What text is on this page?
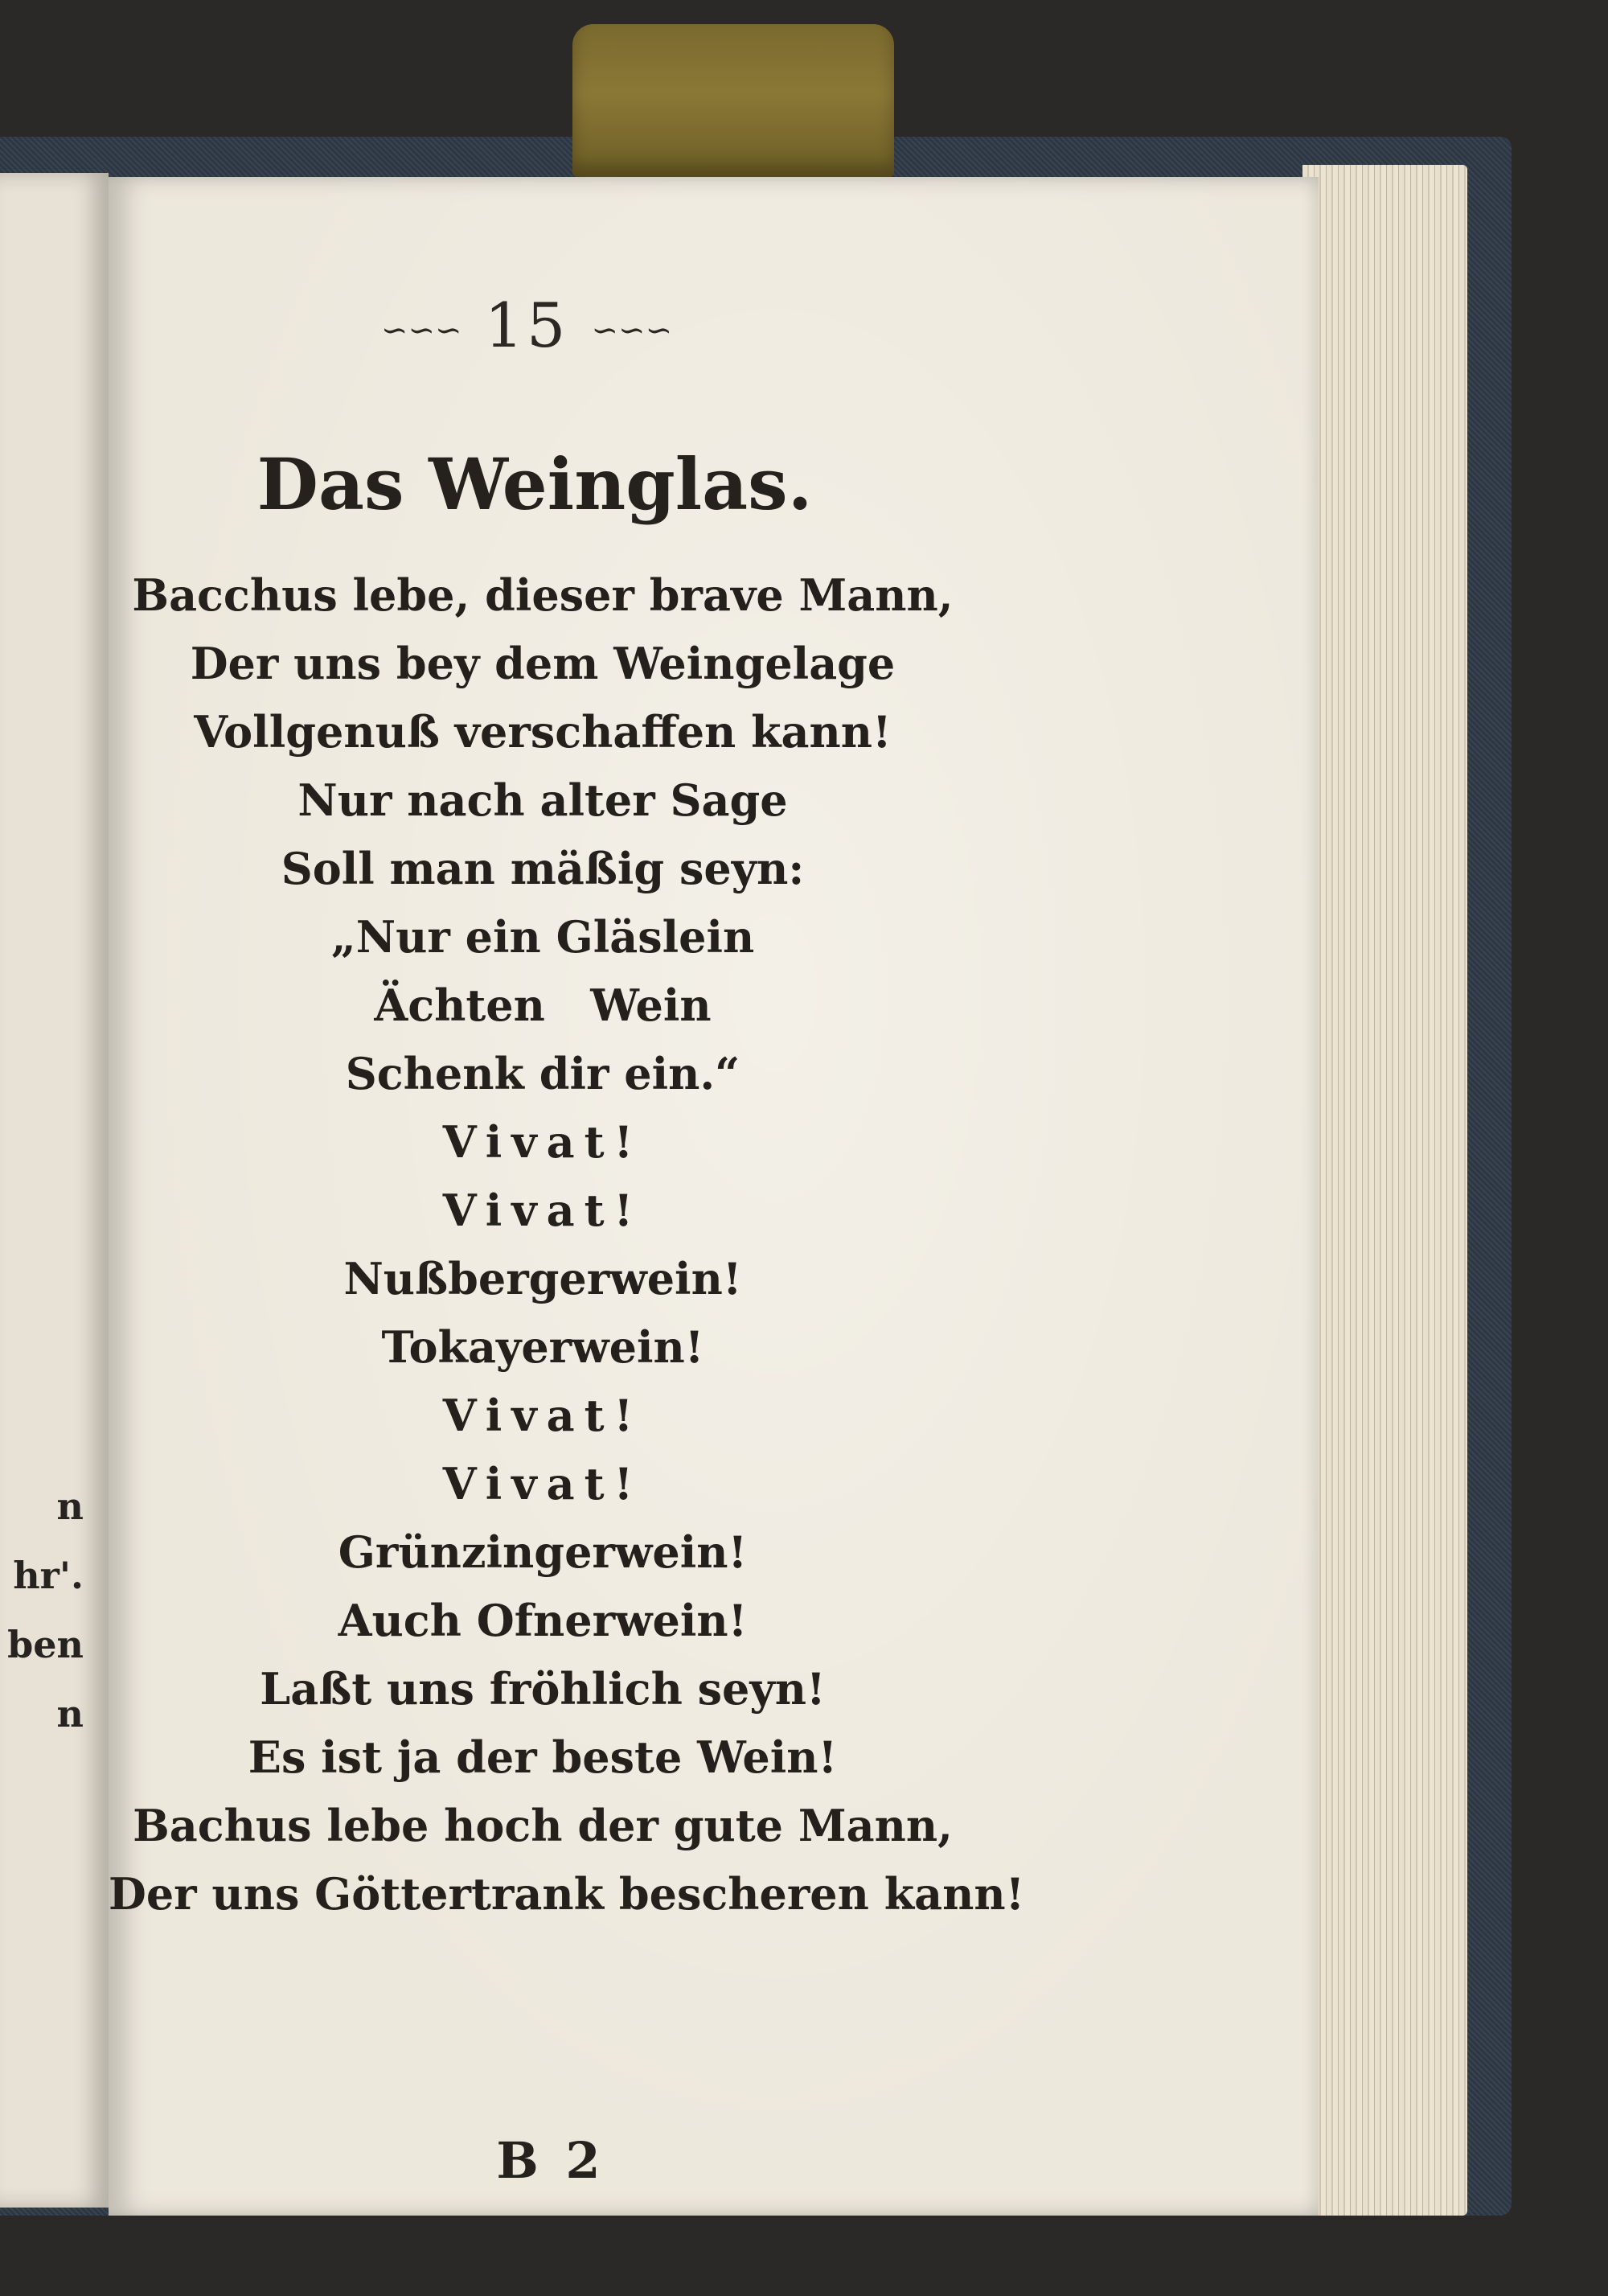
n
hr'.
ben
n
∽∽∽ 15 ∽∽∽
Das Weinglas.
Bacchus lebe, dieser brave Mann,
Der uns bey dem Weingelage
Vollgenuß verschaffen kann!
Nur nach alter Sage
Soll man mäßig seyn:
„Nur ein Gläslein
Ächten   Wein
Schenk dir ein.“
Vivat!
Vivat!
Nußbergerwein!
Tokayerwein!
Vivat!
Vivat!
Grünzingerwein!
Auch Ofnerwein!
Laßt uns fröhlich seyn!
Es ist ja der beste Wein!
Bachus lebe hoch der gute Mann,
Der uns Göttertrank bescheren kann!
B 2
